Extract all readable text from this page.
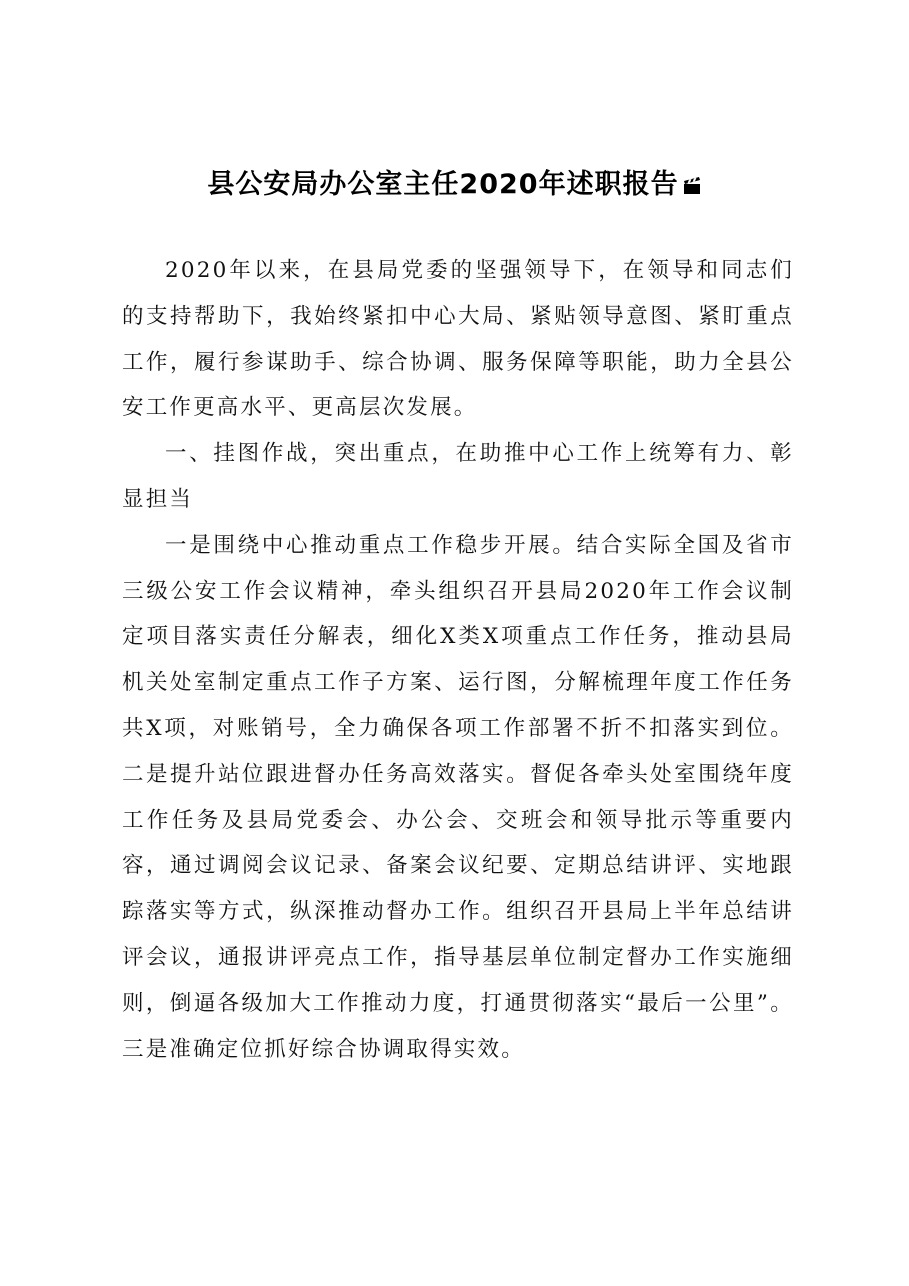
县公安局办公室主任2020年述职报告

2020年以来，在县局党委的坚强领导下，在领导和同志们的支持帮助下，我始终紧扣中心大局、紧贴领导意图、紧盯重点工作，履行参谋助手、综合协调、服务保障等职能，助力全县公安工作更高水平、更高层次发展。

一、挂图作战，突出重点，在助推中心工作上统筹有力、彰显担当

一是围绕中心推动重点工作稳步开展。结合实际全国及省市三级公安工作会议精神，牵头组织召开县局2020年工作会议制定项目落实责任分解表，细化X类X项重点工作任务，推动县局机关处室制定重点工作子方案、运行图，分解梳理年度工作任务共X项，对账销号，全力确保各项工作部署不折不扣落实到位。二是提升站位跟进督办任务高效落实。督促各牵头处室围绕年度工作任务及县局党委会、办公会、交班会和领导批示等重要内容，通过调阅会议记录、备案会议纪要、定期总结讲评、实地跟踪落实等方式，纵深推动督办工作。组织召开县局上半年总结讲评会议，通报讲评亮点工作，指导基层单位制定督办工作实施细则，倒逼各级加大工作推动力度，打通贯彻落实“最后一公里”。三是准确定位抓好综合协调取得实效。
